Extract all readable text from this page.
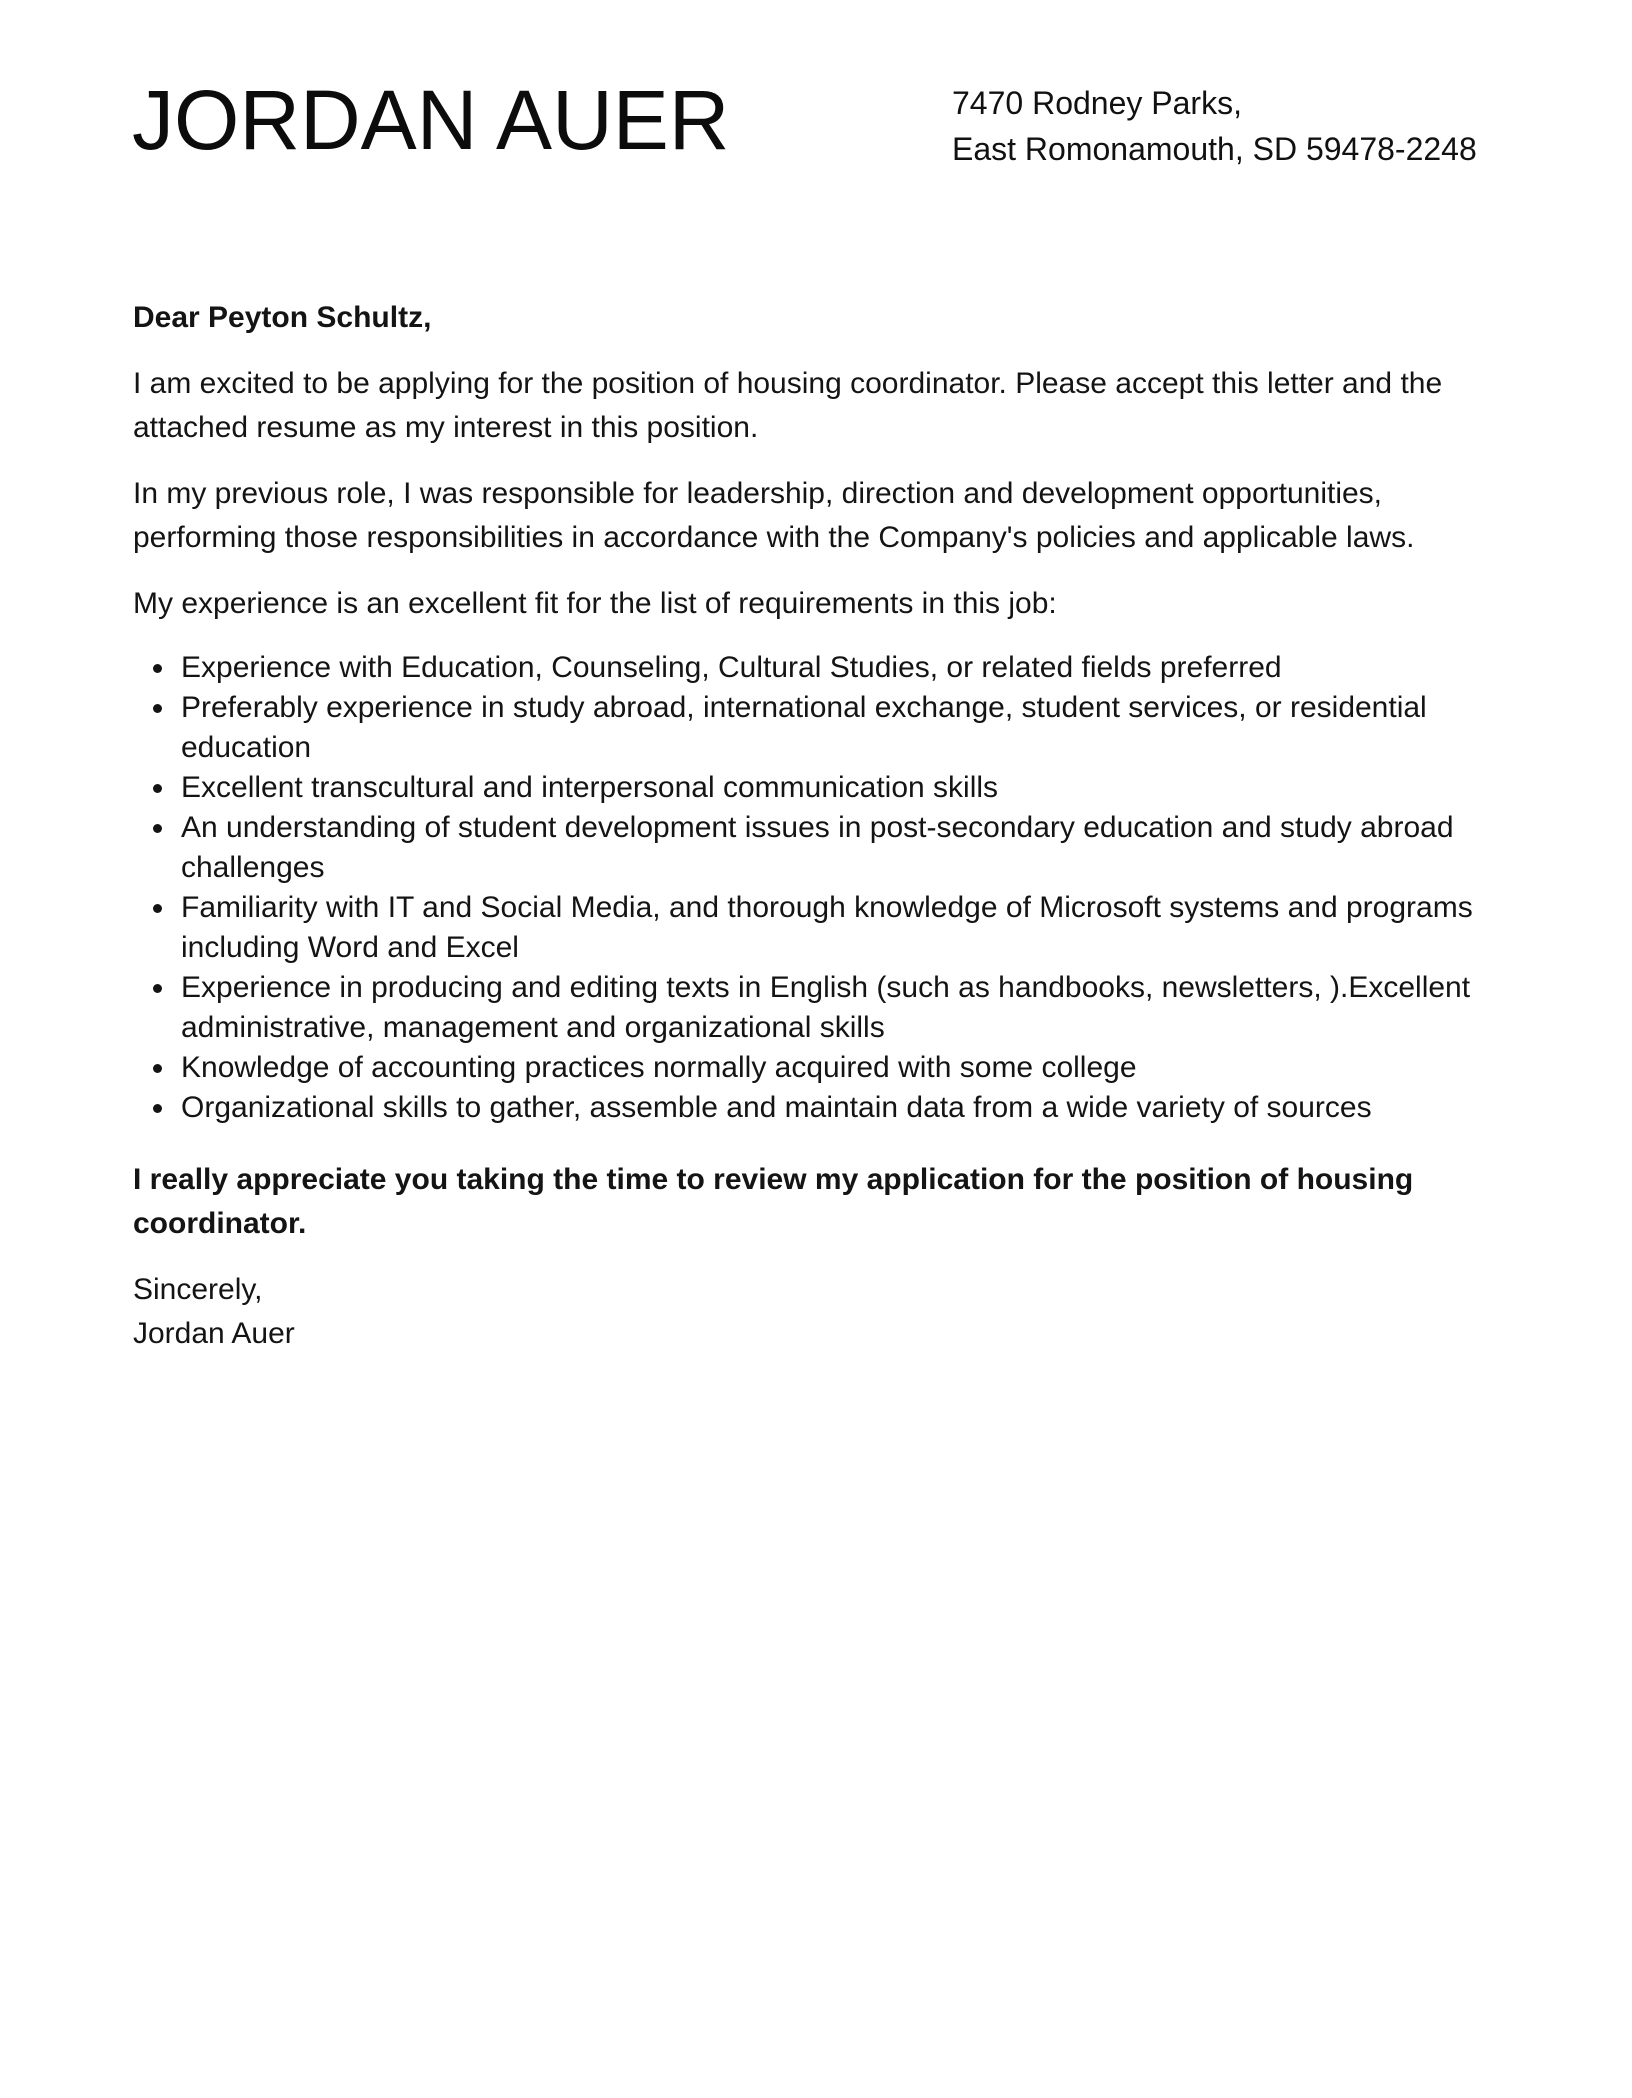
JORDAN AUER	7470 Rodney Parks,
East Romonamouth, SD 59478-2248

Dear Peyton Schultz,

I am excited to be applying for the position of housing coordinator. Please accept this letter and the attached resume as my interest in this position.

In my previous role, I was responsible for leadership, direction and development opportunities, performing those responsibilities in accordance with the Company's policies and applicable laws.

My experience is an excellent fit for the list of requirements in this job:

Experience with Education, Counseling, Cultural Studies, or related fields preferred
Preferably experience in study abroad, international exchange, student services, or residential education
Excellent transcultural and interpersonal communication skills
An understanding of student development issues in post-secondary education and study abroad challenges
Familiarity with IT and Social Media, and thorough knowledge of Microsoft systems and programs including Word and Excel
Experience in producing and editing texts in English (such as handbooks, newsletters, ).Excellent administrative, management and organizational skills
Knowledge of accounting practices normally acquired with some college
Organizational skills to gather, assemble and maintain data from a wide variety of sources

I really appreciate you taking the time to review my application for the position of housing coordinator.

Sincerely,
Jordan Auer
